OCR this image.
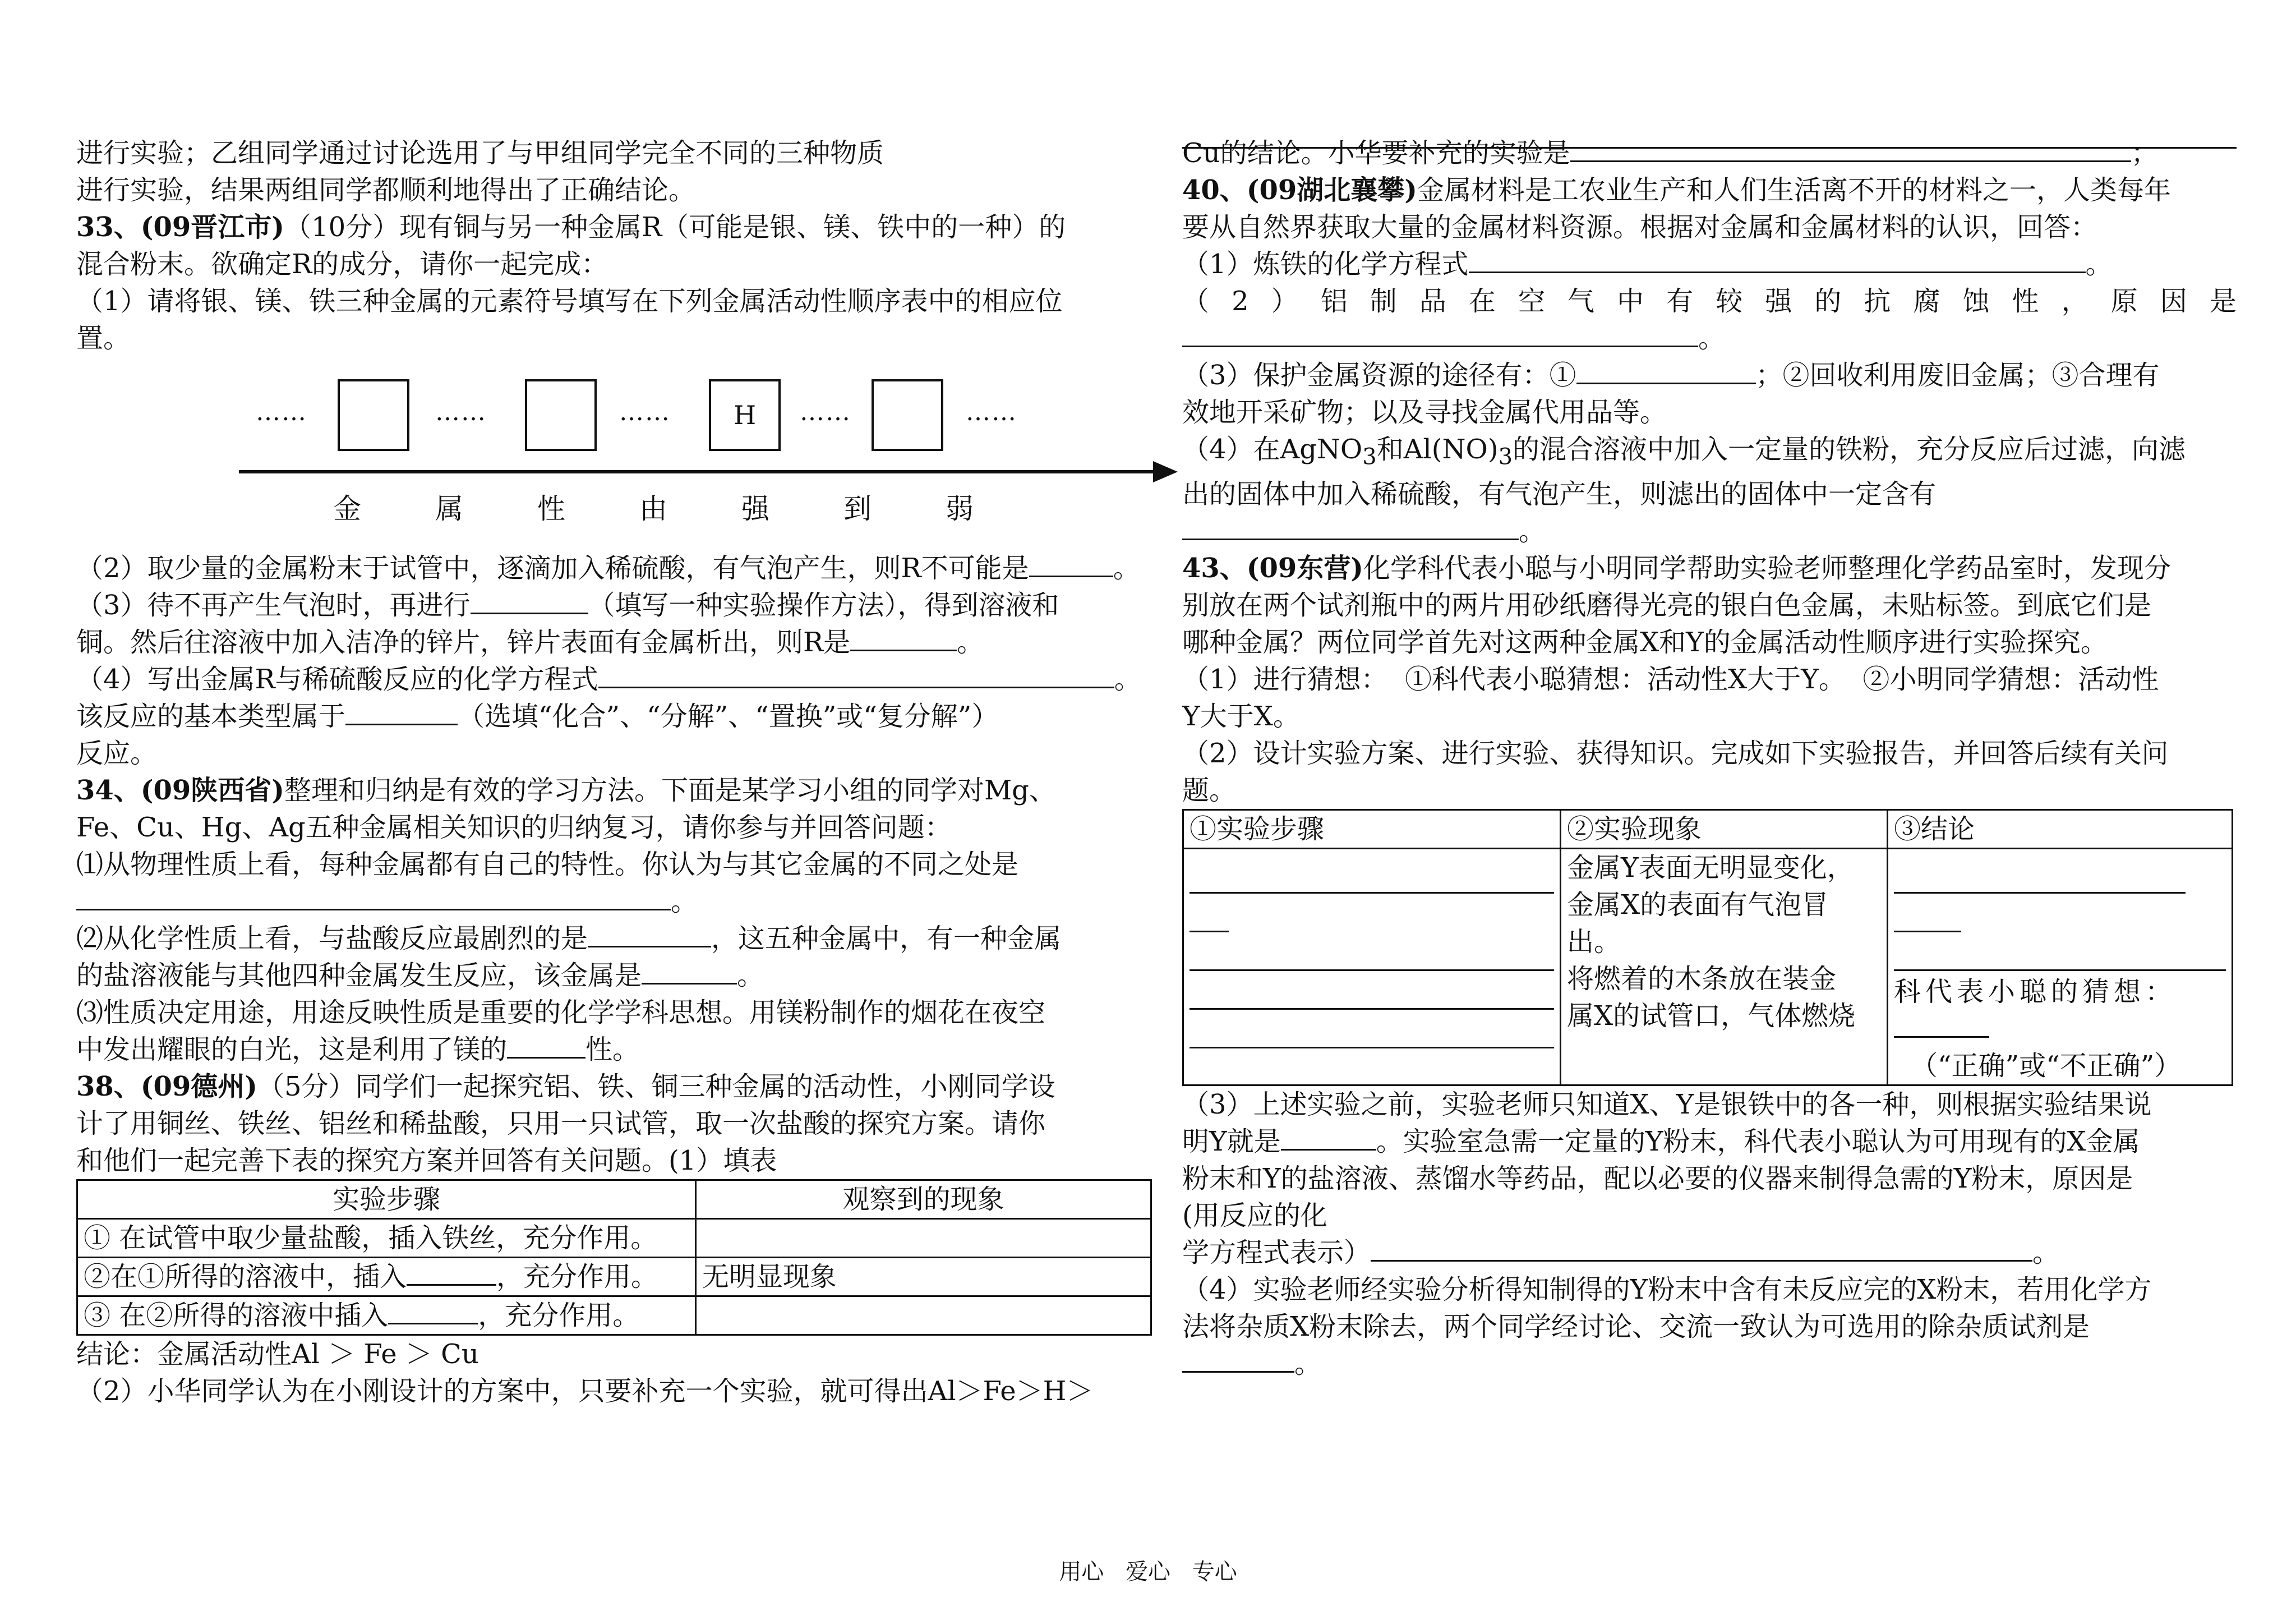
进行实验；乙组同学通过讨论选用了与甲组同学完全不同的三种物质
进行实验，结果两组同学都顺利地得出了正确结论。

33、(09晋江市)（10分）现有铜与另一种金属R（可能是银、镁、铁中的一种）的
混合粉末。欲确定R的成分，请你一起完成：
（1）请将银、镁、铁三种金属的元素符号填写在下列金属活动性顺序表中的相应位
置。

……	……	…… H ……	……
金	属	性	由	强	到	弱

（2）取少量的金属粉末于试管中，逐滴加入稀硫酸，有气泡产生，则R不可能是	。
（3）待不再产生气泡时，再进行	（填写一种实验操作方法），得到溶液和
铜。然后往溶液中加入洁净的锌片，锌片表面有金属析出，则R是	。
（4）写出金属R与稀硫酸反应的化学方程式	。
该反应的基本类型属于	（选填“化合”、“分解”、“置换”或“复分解”）
反应。

34、(09陕西省)整理和归纳是有效的学习方法。下面是某学习小组的同学对Mg、
Fe、Cu、Hg、Ag五种金属相关知识的归纳复习，请你参与并回答问题：
⑴从物理性质上看，每种金属都有自己的特性。你认为与其它金属的不同之处是
。
⑵从化学性质上看，与盐酸反应最剧烈的是	，这五种金属中，有一种金属
的盐溶液能与其他四种金属发生反应，该金属是	。
⑶性质决定用途，用途反映性质是重要的化学学科思想。用镁粉制作的烟花在夜空
中发出耀眼的白光，这是利用了镁的	性。

38、(09德州)（5分）同学们一起探究铝、铁、铜三种金属的活动性，小刚同学设
计了用铜丝、铁丝、铝丝和稀盐酸，只用一只试管，取一次盐酸的探究方案。请你
和他们一起完善下表的探究方案并回答有关问题。(1）填表

实验步骤	观察到的现象
① 在试管中取少量盐酸，插入铁丝，充分作用。	
②在①所得的溶液中，插入 ，充分作用。	无明显现象
③ 在②所得的溶液中插入 ，充分作用。	

结论：金属活动性Al ＞ Fe ＞ Cu
（2）小华同学认为在小刚设计的方案中，只要补充一个实验，就可得出Al＞Fe＞H＞

Cu的结论。小华要补充的实验是	；

40、(09湖北襄攀)金属材料是工农业生产和人们生活离不开的材料之一，人类每年
要从自然界获取大量的金属材料资源。根据对金属和金属材料的认识，回答：
（1）炼铁的化学方程式	。

（ 2 ） 铝 制 品 在 空 气 中 有 较 强 的 抗 腐 蚀 性 ， 原 因 是

。
（3）保护金属资源的途径有：①	；②回收利用废旧金属；③合理有
效地开采矿物；以及寻找金属代用品等。
（4）在AgNO$_3$和$Al(NO)_3$的混合溶液中加入一定量的铁粉，充分反应后过滤，向滤
出的固体中加入稀硫酸，有气泡产生，则滤出的固体中一定含有
。

43、(09东营)化学科代表小聪与小明同学帮助实验老师整理化学药品室时，发现分
别放在两个试剂瓶中的两片用砂纸磨得光亮的银白色金属，未贴标签。到底它们是
哪种金属？两位同学首先对这两种金属X和Y的金属活动性顺序进行实验探究。
（1）进行猜想：  ①科代表小聪猜想：活动性X大于Y。  ②小明同学猜想：活动性
Y大于X。
（2）设计实验方案、进行实验、获得知识。完成如下实验报告，并回答后续有关问
题。

①实验步骤	②实验现象	③结论

	金属Y表面无明显变化，
金属X的表面有气泡冒
出。
将燃着的木条放在装金
属X的试管口，气体燃烧	科代表小聪的猜想：

（“正确”或“不正确”）

（3）上述实验之前，实验老师只知道X、Y是银铁中的各一种，则根据实验结果说
明Y就是	。实验室急需一定量的Y粉末，科代表小聪认为可用现有的X金属
粉末和Y的盐溶液、蒸馏水等药品，配以必要的仪器来制得急需的Y粉末，原因是
(用反应的化
学方程式表示）	。
（4）实验老师经实验分析得知制得的Y粉末中含有未反应完的X粉末，若用化学方
法将杂质X粉末除去，两个同学经讨论、交流一致认为可选用的除杂质试剂是
。

用心 爱心 专心
